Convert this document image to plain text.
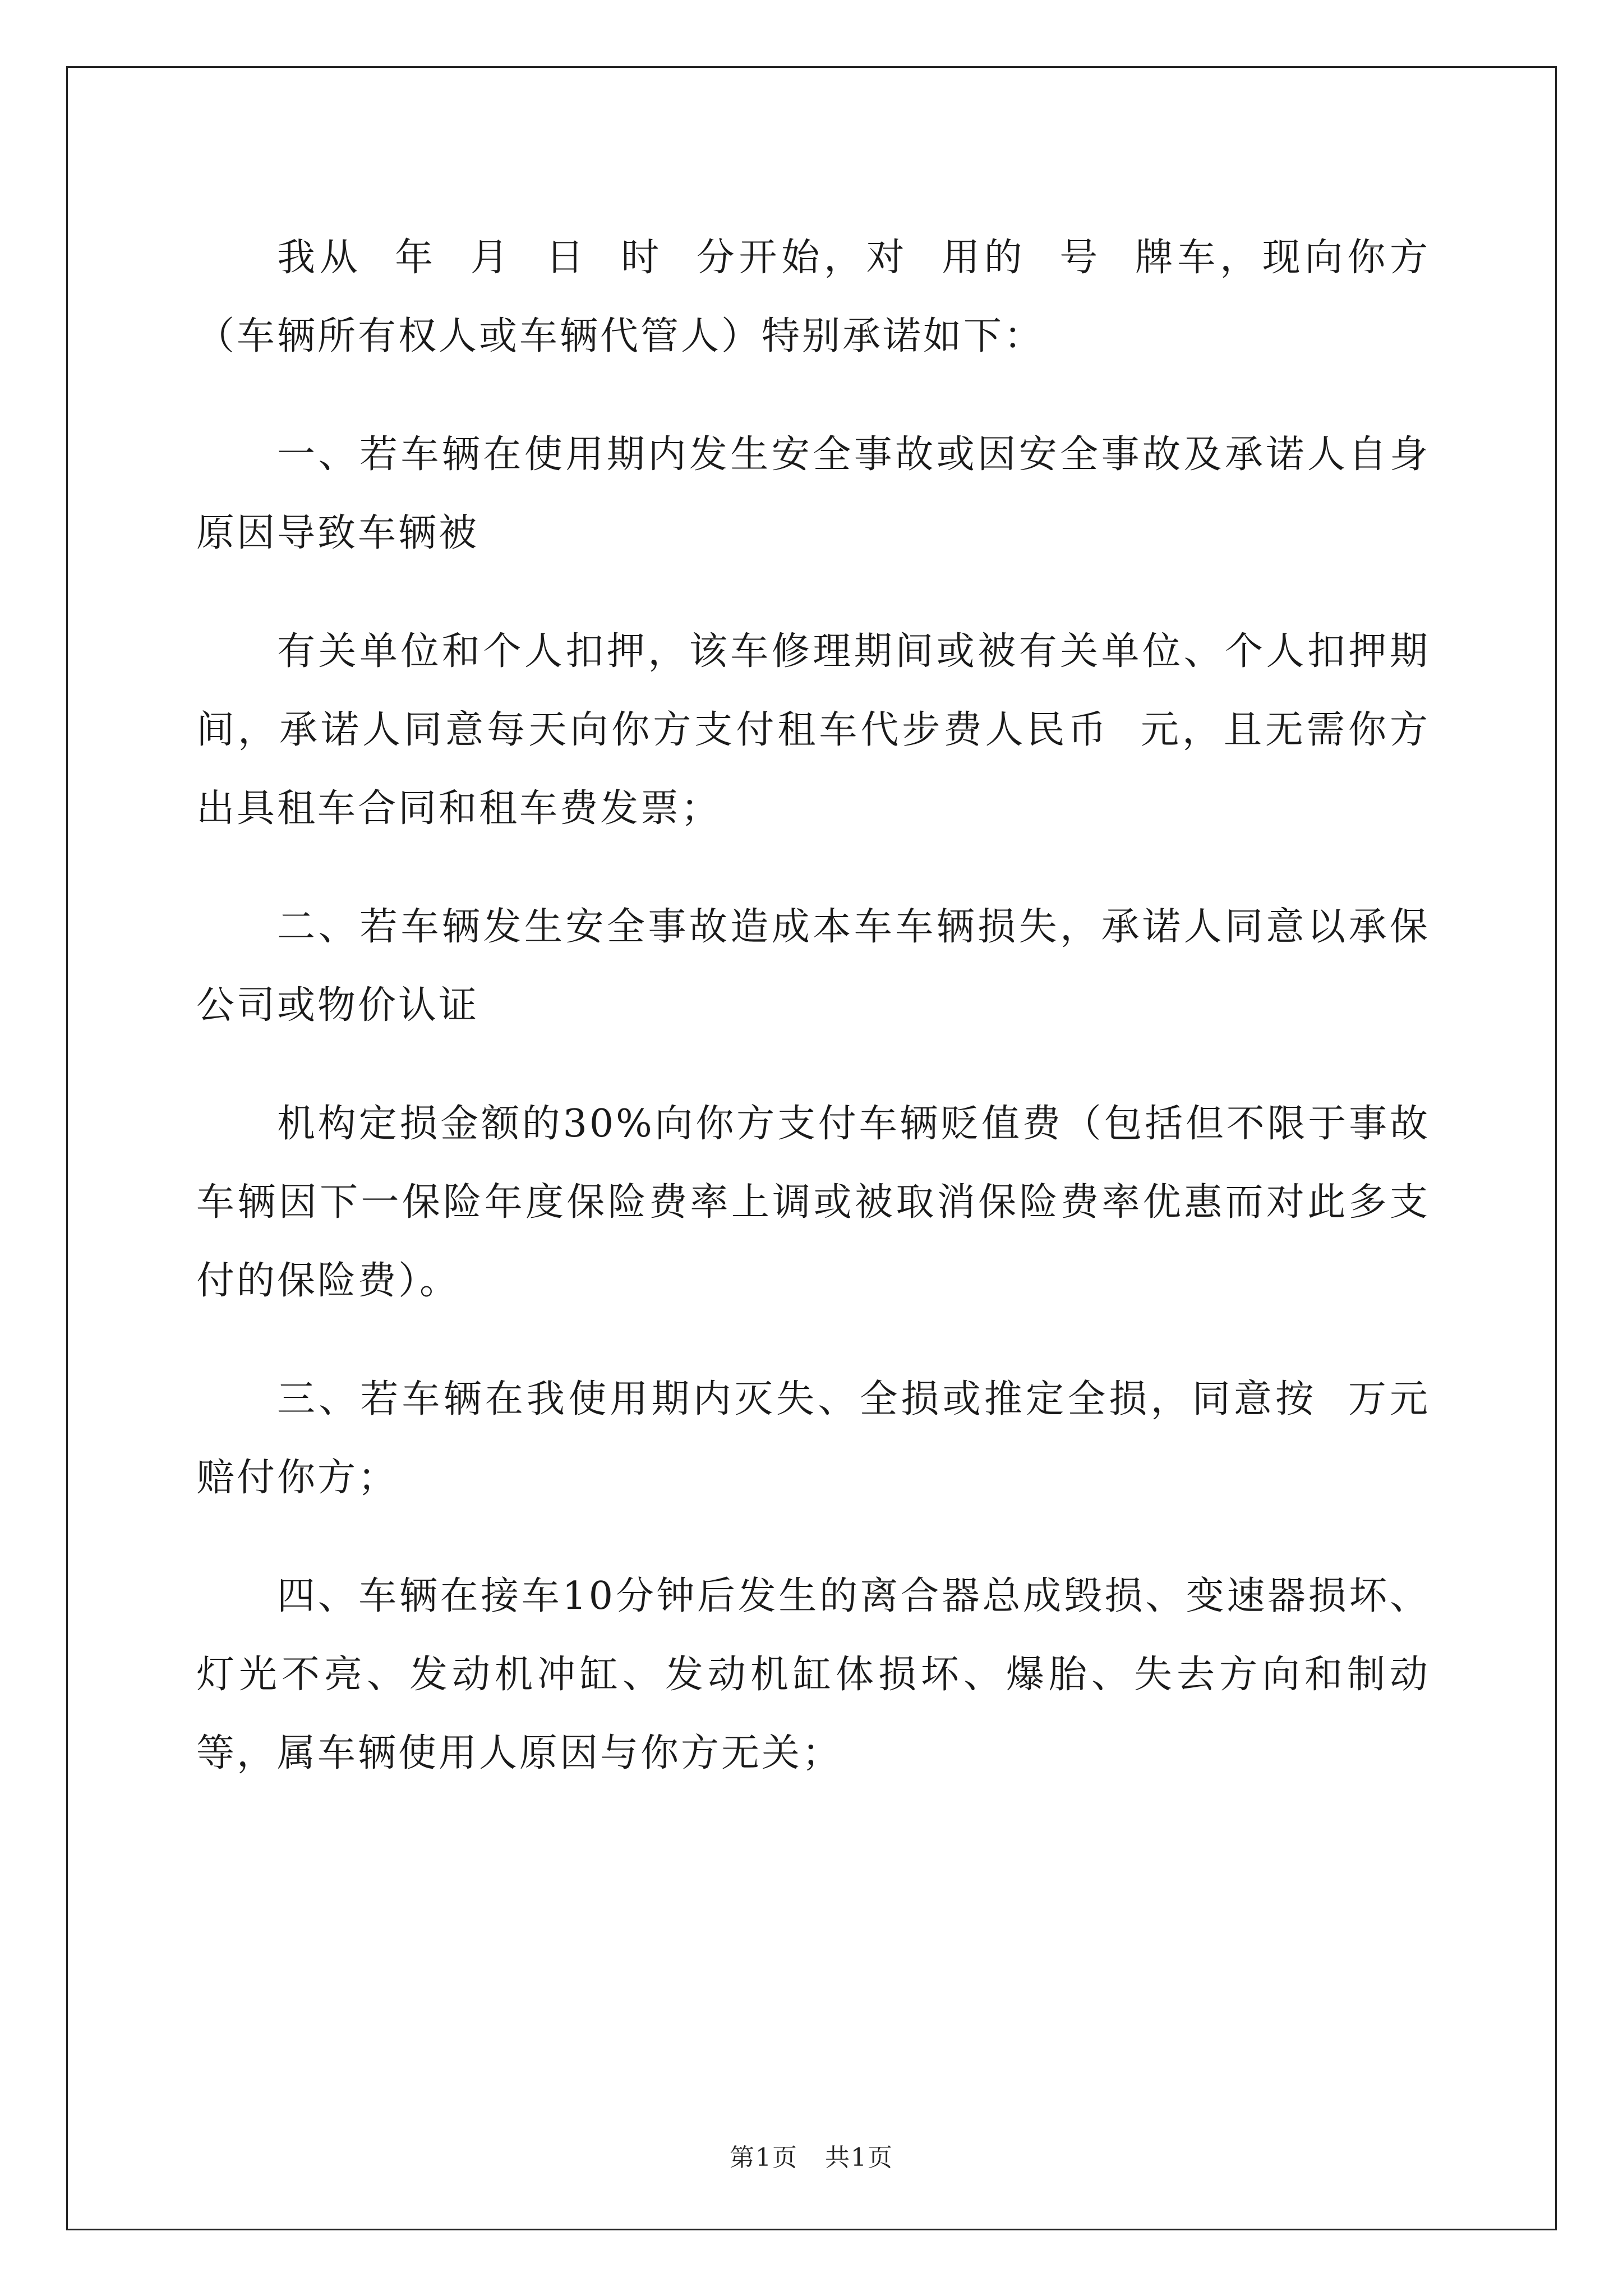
我从  年  月  日  时  分开始，对  用的  号  牌车，现向你方（车辆所有权人或车辆代管人）特别承诺如下：

一、若车辆在使用期内发生安全事故或因安全事故及承诺人自身原因导致车辆被

有关单位和个人扣押，该车修理期间或被有关单位、个人扣押期间，承诺人同意每天向你方支付租车代步费人民币  元，且无需你方出具租车合同和租车费发票；

二、若车辆发生安全事故造成本车车辆损失，承诺人同意以承保公司或物价认证

机构定损金额的30%向你方支付车辆贬值费（包括但不限于事故车辆因下一保险年度保险费率上调或被取消保险费率优惠而对此多支付的保险费）。

三、若车辆在我使用期内灭失、全损或推定全损，同意按  万元赔付你方；

四、车辆在接车10分钟后发生的离合器总成毁损、变速器损坏、灯光不亮、发动机冲缸、发动机缸体损坏、爆胎、失去方向和制动等，属车辆使用人原因与你方无关；

第1页   共1页
